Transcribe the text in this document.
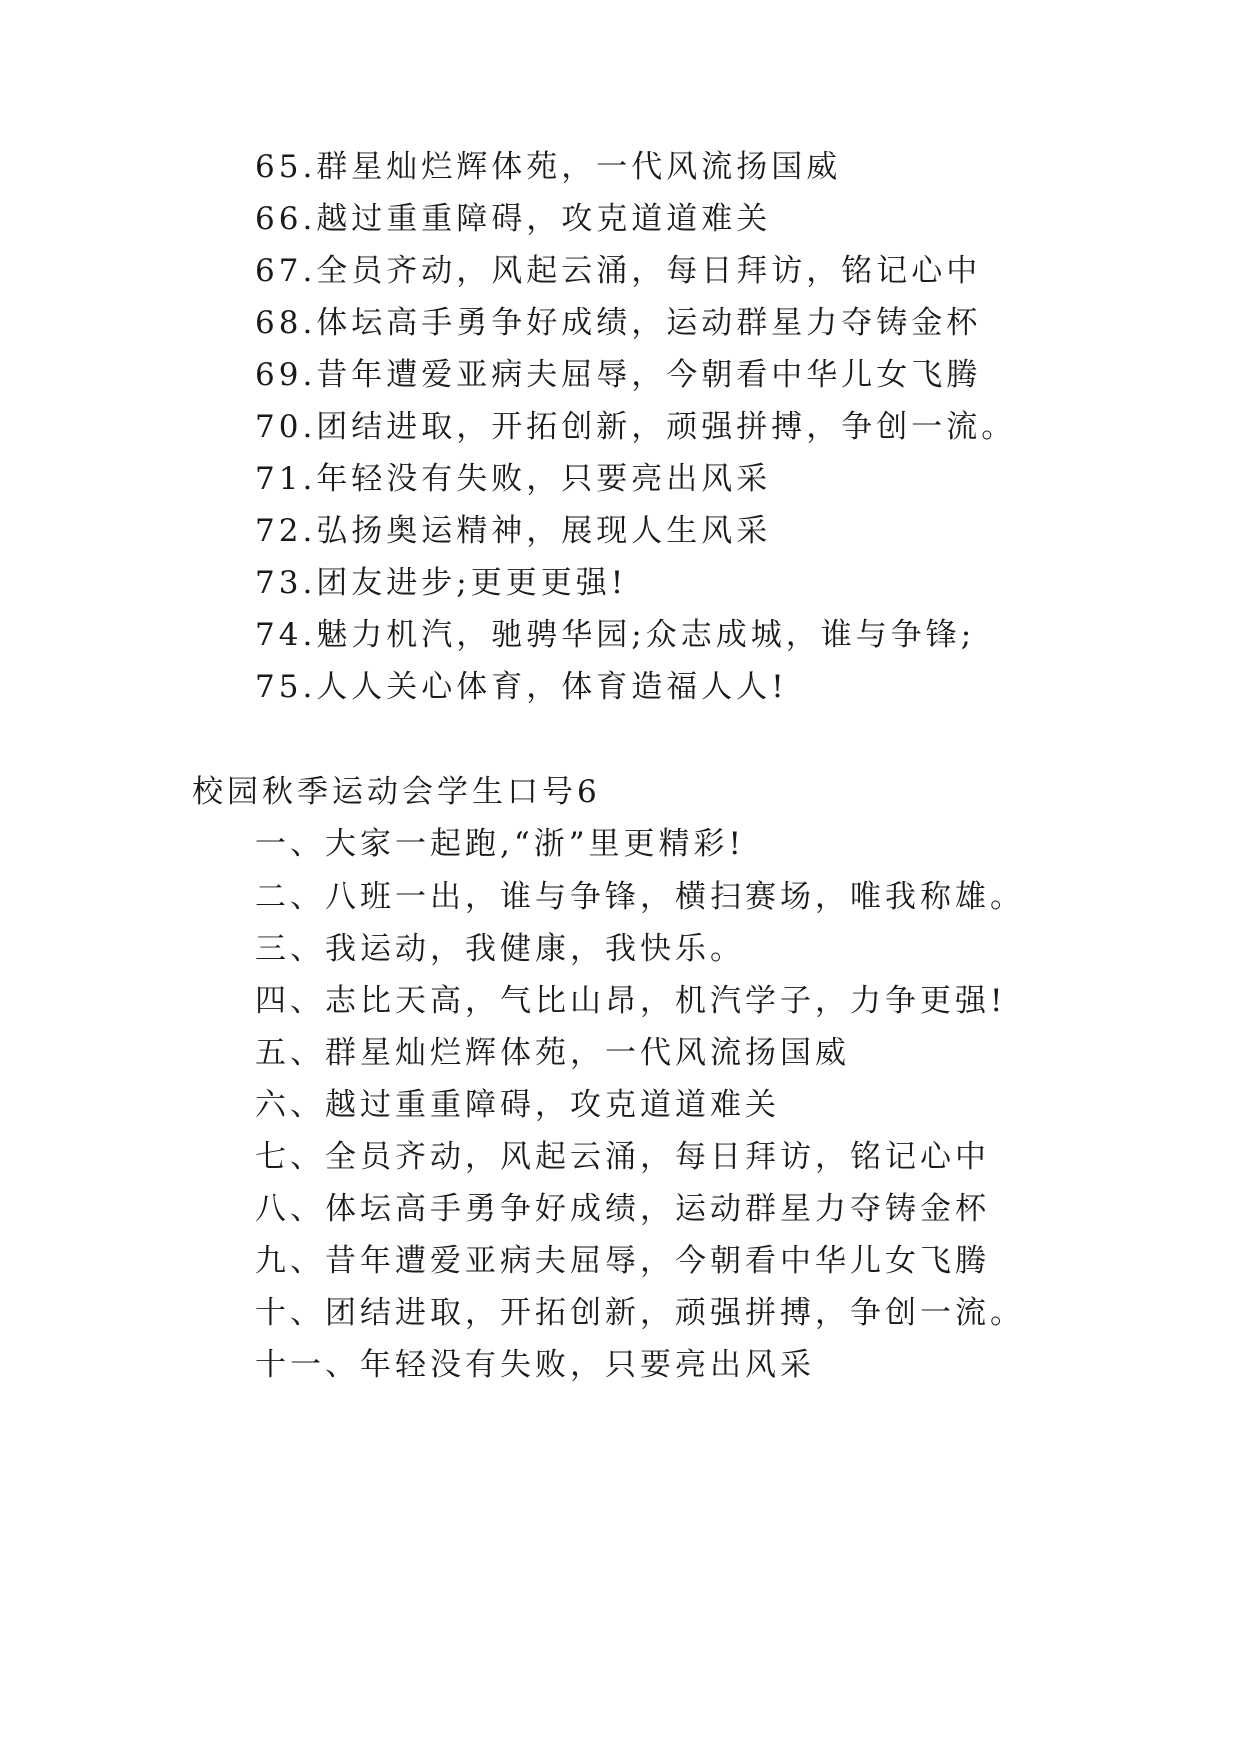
65.群星灿烂辉体苑，一代风流扬国威
66.越过重重障碍，攻克道道难关
67.全员齐动，风起云涌，每日拜访，铭记心中
68.体坛高手勇争好成绩，运动群星力夺铸金杯
69.昔年遭爱亚病夫屈辱，今朝看中华儿女飞腾
70.团结进取，开拓创新，顽强拼搏，争创一流。
71.年轻没有失败，只要亮出风采
72.弘扬奥运精神，展现人生风采
73.团友进步;更更更强!
74.魅力机汽，驰骋华园;众志成城，谁与争锋;
75.人人关心体育，体育造福人人!
校园秋季运动会学生口号6
一、大家一起跑,“浙”里更精彩!
二、八班一出，谁与争锋，横扫赛场，唯我称雄。
三、我运动，我健康，我快乐。
四、志比天高，气比山昂，机汽学子，力争更强!
五、群星灿烂辉体苑，一代风流扬国威
六、越过重重障碍，攻克道道难关
七、全员齐动，风起云涌，每日拜访，铭记心中
八、体坛高手勇争好成绩，运动群星力夺铸金杯
九、昔年遭爱亚病夫屈辱，今朝看中华儿女飞腾
十、团结进取，开拓创新，顽强拼搏，争创一流。
十一、年轻没有失败，只要亮出风采
